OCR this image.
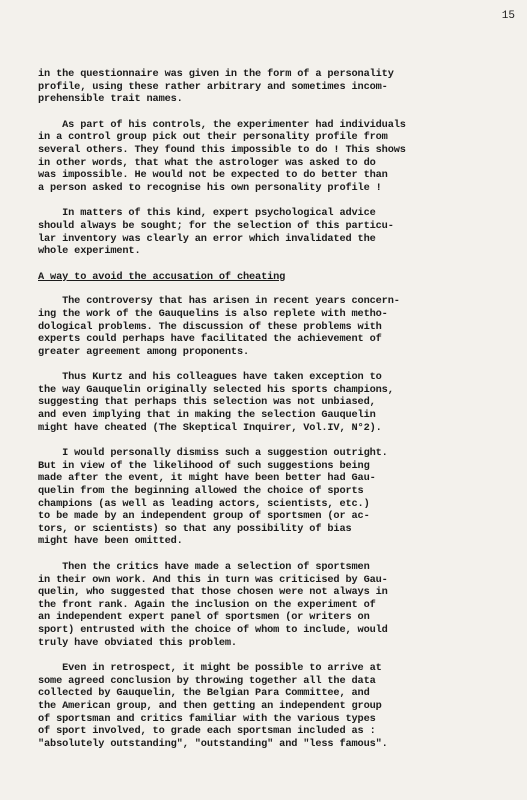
15
in the questionnaire was given in the form of a personality
profile, using these rather arbitrary and sometimes incom-
prehensible trait names.
As part of his controls, the experimenter had individuals
in a control group pick out their personality profile from
several others. They found this impossible to do ! This shows
in other words, that what the astrologer was asked to do
was impossible. He would not be expected to do better than
a person asked to recognise his own personality profile !
In matters of this kind, expert psychological advice
should always be sought; for the selection of this particu-
lar inventory was clearly an error which invalidated the
whole experiment.
A way to avoid the accusation of cheating
The controversy that has arisen in recent years concern-
ing the work of the Gauquelins is also replete with metho-
dological problems. The discussion of these problems with
experts could perhaps have facilitated the achievement of
greater agreement among proponents.
Thus Kurtz and his colleagues have taken exception to
the way Gauquelin originally selected his sports champions,
suggesting that perhaps this selection was not unbiased,
and even implying that in making the selection Gauquelin
might have cheated (The Skeptical Inquirer, Vol.IV, N°2).
I would personally dismiss such a suggestion outright.
But in view of the likelihood of such suggestions being
made after the event, it might have been better had Gau-
quelin from the beginning allowed the choice of sports
champions (as well as leading actors, scientists, etc.)
to be made by an independent group of sportsmen (or ac-
tors, or scientists) so that any possibility of bias
might have been omitted.
Then the critics have made a selection of sportsmen
in their own work. And this in turn was criticised by Gau-
quelin, who suggested that those chosen were not always in
the front rank. Again the inclusion on the experiment of
an independent expert panel of sportsmen (or writers on
sport) entrusted with the choice of whom to include, would
truly have obviated this problem.
Even in retrospect, it might be possible to arrive at
some agreed conclusion by throwing together all the data
collected by Gauquelin, the Belgian Para Committee, and
the American group, and then getting an independent group
of sportsman and critics familiar with the various types
of sport involved, to grade each sportsman included as :
"absolutely outstanding", "outstanding" and "less famous".
